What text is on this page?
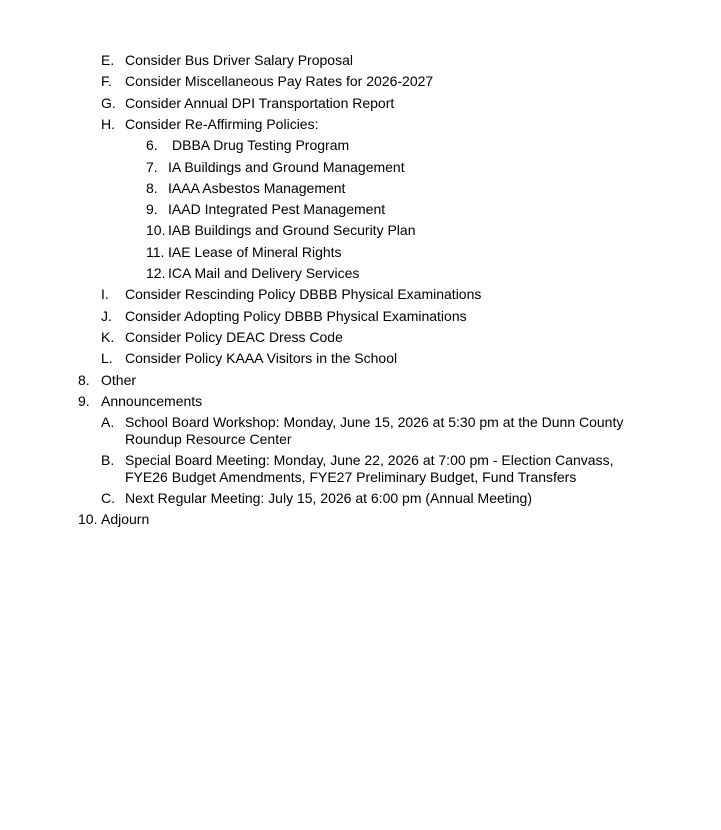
E. Consider Bus Driver Salary Proposal
F. Consider Miscellaneous Pay Rates for 2026-2027
G. Consider Annual DPI Transportation Report
H. Consider Re-Affirming Policies:
6. DBBA Drug Testing Program
7. IA Buildings and Ground Management
8. IAAA Asbestos Management
9. IAAD Integrated Pest Management
10. IAB Buildings and Ground Security Plan
11. IAE Lease of Mineral Rights
12. ICA Mail and Delivery Services
I. Consider Rescinding Policy DBBB Physical Examinations
J. Consider Adopting Policy DBBB Physical Examinations
K. Consider Policy DEAC Dress Code
L. Consider Policy KAAA Visitors in the School
8. Other
9. Announcements
A. School Board Workshop: Monday, June 15, 2026 at 5:30 pm at the Dunn County Roundup Resource Center
B. Special Board Meeting: Monday, June 22, 2026 at 7:00 pm - Election Canvass, FYE26 Budget Amendments, FYE27 Preliminary Budget, Fund Transfers
C. Next Regular Meeting: July 15, 2026 at 6:00 pm (Annual Meeting)
10. Adjourn
